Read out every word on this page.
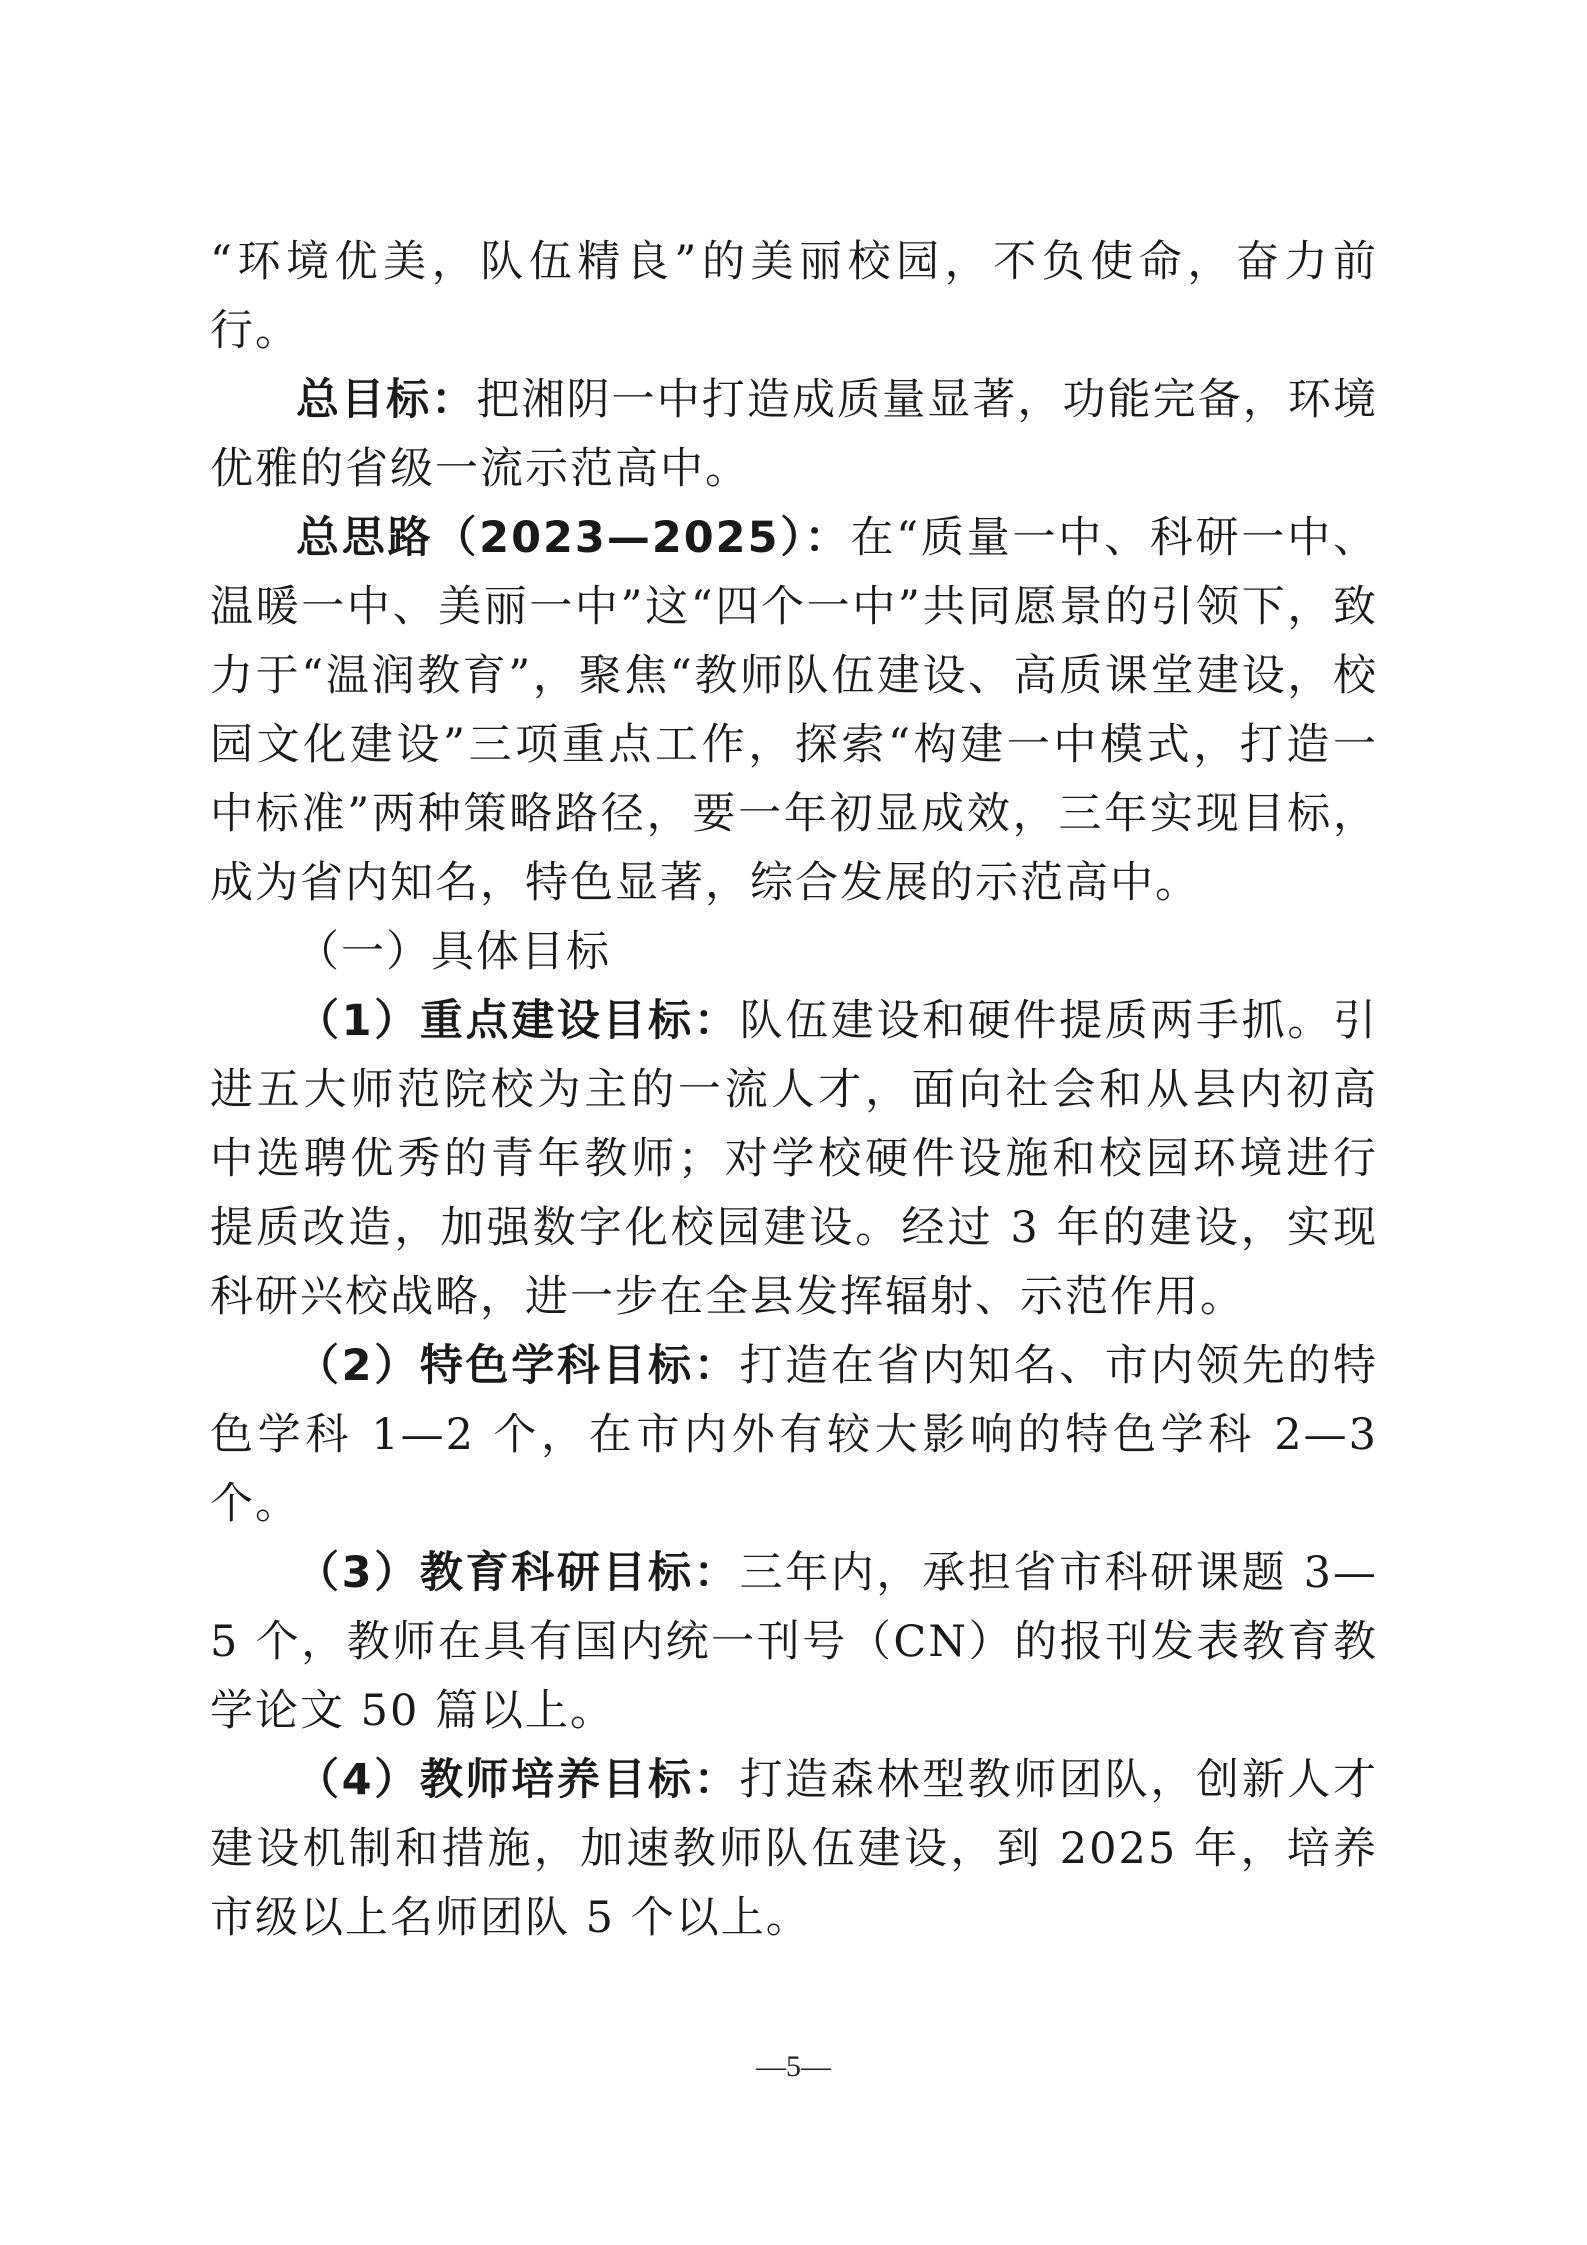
“环境优美，队伍精良”的美丽校园，不负使命，奋力前行。

总目标：把湘阴一中打造成质量显著，功能完备，环境优雅的省级一流示范高中。

总思路（2023—2025）：在“质量一中、科研一中、温暖一中、美丽一中”这“四个一中”共同愿景的引领下，致力于“温润教育”，聚焦“教师队伍建设、高质课堂建设，校园文化建设”三项重点工作，探索“构建一中模式，打造一中标准”两种策略路径，要一年初显成效，三年实现目标，成为省内知名，特色显著，综合发展的示范高中。

（一）具体目标

（1）重点建设目标：队伍建设和硬件提质两手抓。引进五大师范院校为主的一流人才，面向社会和从县内初高中选聘优秀的青年教师；对学校硬件设施和校园环境进行提质改造，加强数字化校园建设。经过 3 年的建设，实现科研兴校战略，进一步在全县发挥辐射、示范作用。

（2）特色学科目标：打造在省内知名、市内领先的特色学科 1—2 个，在市内外有较大影响的特色学科 2—3 个。

（3）教育科研目标：三年内，承担省市科研课题 3—5 个，教师在具有国内统一刊号（CN）的报刊发表教育教学论文 50 篇以上。

（4）教师培养目标：打造森林型教师团队，创新人才建设机制和措施，加速教师队伍建设，到 2025 年，培养市级以上名师团队 5 个以上。

—5—
